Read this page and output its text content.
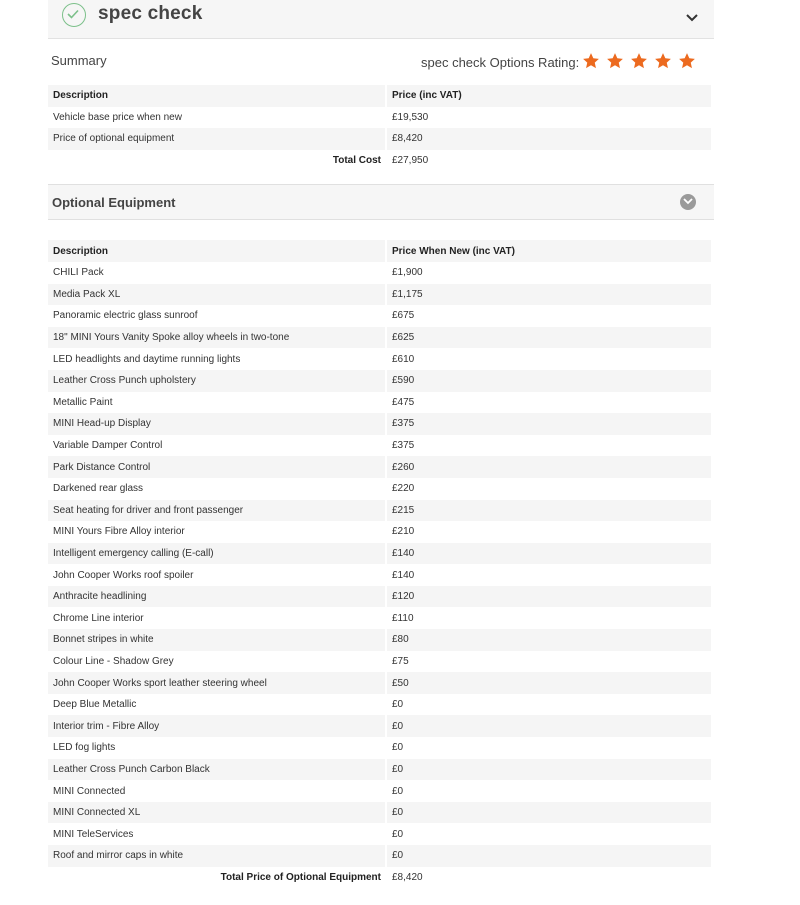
spec check
Summary	spec check Options Rating:
Description	Price (inc VAT)
Vehicle base price when new	£19,530
Price of optional equipment	£8,420
Total Cost	£27,950
Optional Equipment
Description	Price When New (inc VAT)
CHILI Pack	£1,900
Media Pack XL	£1,175
Panoramic electric glass sunroof	£675
18" MINI Yours Vanity Spoke alloy wheels in two-tone	£625
LED headlights and daytime running lights	£610
Leather Cross Punch upholstery	£590
Metallic Paint	£475
MINI Head-up Display	£375
Variable Damper Control	£375
Park Distance Control	£260
Darkened rear glass	£220
Seat heating for driver and front passenger	£215
MINI Yours Fibre Alloy interior	£210
Intelligent emergency calling (E-call)	£140
John Cooper Works roof spoiler	£140
Anthracite headlining	£120
Chrome Line interior	£110
Bonnet stripes in white	£80
Colour Line - Shadow Grey	£75
John Cooper Works sport leather steering wheel	£50
Deep Blue Metallic	£0
Interior trim - Fibre Alloy	£0
LED fog lights	£0
Leather Cross Punch Carbon Black	£0
MINI Connected	£0
MINI Connected XL	£0
MINI TeleServices	£0
Roof and mirror caps in white	£0
Total Price of Optional Equipment	£8,420
